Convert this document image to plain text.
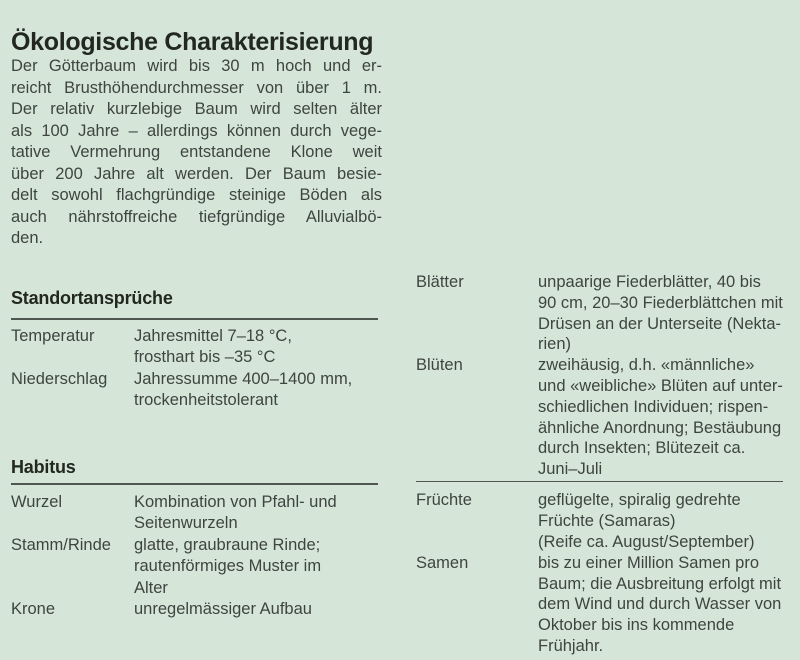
Ökologische Charakterisierung
Der Götterbaum wird bis 30 m hoch und er-
reicht Brusthöhendurchmesser von über 1 m.
Der relativ kurzlebige Baum wird selten älter
als 100 Jahre – allerdings können durch vege-
tative Vermehrung entstandene Klone weit
über 200 Jahre alt werden. Der Baum besie-
delt sowohl flachgründige steinige Böden als
auch nährstoffreiche tiefgründige Alluvialbö-
den.
Standortansprüche
Temperatur	Jahresmittel 7–18 °C,
frosthart bis –35 °C
Niederschlag	Jahressumme 400–1400 mm,
trockenheitstolerant
Habitus
Wurzel	Kombination von Pfahl- und
Seitenwurzeln
Stamm/Rinde	glatte, graubraune Rinde;
rautenförmiges Muster im
Alter
Krone	unregelmässiger Aufbau
Blätter	unpaarige Fiederblätter, 40 bis
90 cm, 20–30 Fiederblättchen mit
Drüsen an der Unterseite (Nekta-
rien)
Blüten	zweihäusig, d.h. «männliche»
und «weibliche» Blüten auf unter-
schiedlichen Individuen; rispen-
ähnliche Anordnung; Bestäubung
durch Insekten; Blütezeit ca.
Juni–Juli
Früchte	geflügelte, spiralig gedrehte
Früchte (Samaras)
(Reife ca. August/September)
Samen	bis zu einer Million Samen pro
Baum; die Ausbreitung erfolgt mit
dem Wind und durch Wasser von
Oktober bis ins kommende
Frühjahr.
